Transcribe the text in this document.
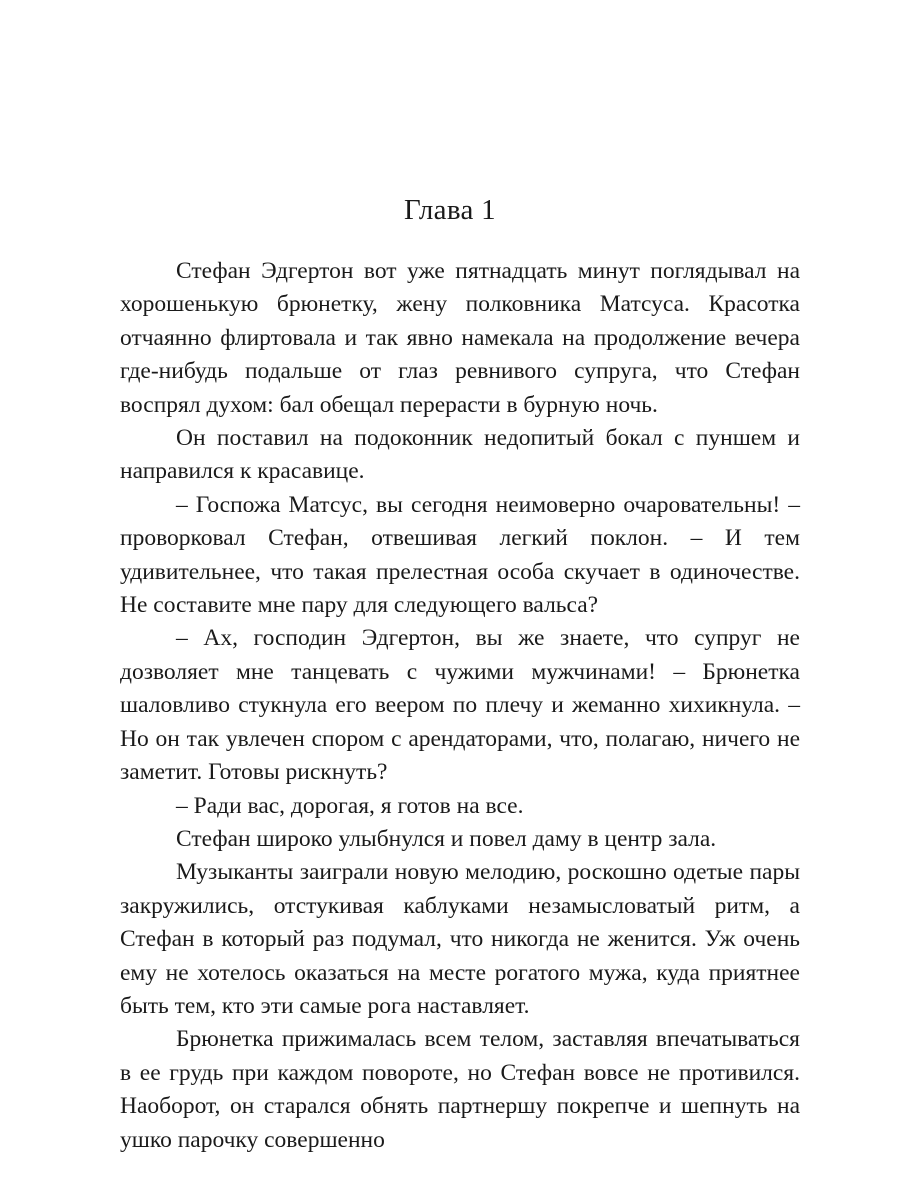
Глава 1

Стефан Эдгертон вот уже пятнадцать минут поглядывал на хорошенькую брюнетку, жену полковника Матсуса. Красотка отчаянно флиртовала и так явно намекала на продолжение вечера где-нибудь подальше от глаз ревнивого супруга, что Стефан воспрял духом: бал обещал перерасти в бурную ночь.

Он поставил на подоконник недопитый бокал с пуншем и направился к красавице.

– Госпожа Матсус, вы сегодня неимоверно очаровательны! – проворковал Стефан, отвешивая легкий поклон. – И тем удивительнее, что такая прелестная особа скучает в одиночестве. Не составите мне пару для следующего вальса?

– Ах, господин Эдгертон, вы же знаете, что супруг не дозволяет мне танцевать с чужими мужчинами! – Брюнетка шаловливо стукнула его веером по плечу и жеманно хихикнула. – Но он так увлечен спором с арендаторами, что, полагаю, ничего не заметит. Готовы рискнуть?

– Ради вас, дорогая, я готов на все.

Стефан широко улыбнулся и повел даму в центр зала.

Музыканты заиграли новую мелодию, роскошно одетые пары закружились, отстукивая каблуками незамысловатый ритм, а Стефан в который раз подумал, что никогда не женится. Уж очень ему не хотелось оказаться на месте рогатого мужа, куда приятнее быть тем, кто эти самые рога наставляет.

Брюнетка прижималась всем телом, заставляя впечатываться в ее грудь при каждом повороте, но Стефан вовсе не противился. Наоборот, он старался обнять партнершу покрепче и шепнуть на ушко парочку совершенно
